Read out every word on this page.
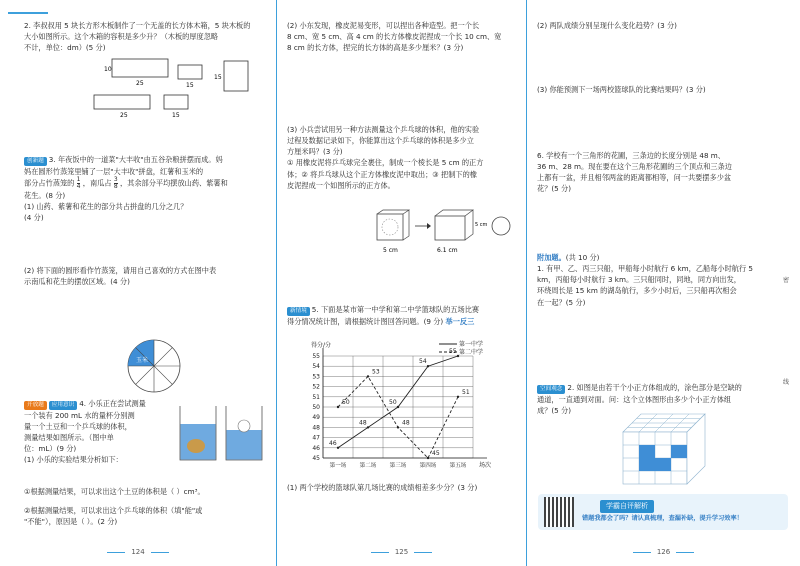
2. 李叔叔用 5 块长方形木板制作了一个无盖的长方体木箱，5 块木板的
大小如图所示。这个木箱的容积是多少升？（木板的厚度忽略
不计，单位：dm）(5 分)
10
25	15
15
25	15
创新题 3. 年夜饭中的一道菜"大丰收"由五谷杂粮拼摆而成。妈
妈在圆形竹蒸笼里铺了一层"大丰收"拼盘，红薯和玉米的
部分占竹蒸笼的 $\frac{1}{4}$ ，南瓜占 $\frac{3}{8}$ ，其余部分平均摆放山药、紫薯和
花生。(8 分)
(1) 山药、紫薯和花生的部分共占拼盘的几分之几？
(4 分)
(2) 将下面的圆形看作竹蒸笼，请用自己喜欢的方式在图中表
示南瓜和花生的摆放区域。(4 分)
玉米
开放题 应用意识 4. 小乐正在尝试测量
一个装有 200 mL 水的量杯分别测
量一个土豆和一个乒乓球的体积，
测量结果如图所示。（图中单
位：mL）(9 分)
(1) 小乐的实验结果分析如下：
①根据测量结果，可以求出这个土豆的体积是（ ）cm³。
②根据测量结果，可以求出这个乒乓球的体积（填"能"或
"不能"），原因是（ ）。(2 分)
124
(2) 小东发现，橡皮泥易变形，可以捏出各种造型。把一个长
8 cm、宽 5 cm、高 4 cm 的长方体橡皮泥捏成一个长 10 cm、宽
8 cm 的长方体，捏完的长方体的高是多少厘米？(3 分)
(3) 小兵尝试用另一种方法测量这个乒乓球的体积，他的实验
过程及数据记录如下，你能算出这个乒乓球的体积是多少立
方厘米吗？(3 分)
① 用橡皮泥将乒乓球完全裹住，制成一个棱长是 5 cm 的正方
体；② 将乒乓球从这个正方体橡皮泥中取出；③ 把制下的橡
皮泥捏成一个如图所示的正方体。
5 cm	6.1 cm
5 cm
新情境 5. 下面是某市第一中学和第二中学篮球队的五场比赛
得分情况统计图，请根据统计图回答问题。(9 分) 举一反三
45
46
47
48
49
50
51
52
53
54
55
得分/分
场次
第一场 第二场 第三场 第四场 第五场
46
48
50
54
55
第一中学
50
53
48
45
51
第二中学
(1) 两个学校的篮球队第几场比赛的成绩相差多少分？(3 分)
125
(2) 两队成绩分别呈现什么变化趋势？(3 分)
(3) 你能预测下一场两校篮球队的比赛结果吗？(3 分)
6. 学校有一个三角形的花圃，三条边的长度分别是 48 m、
36 m、28 m。现在要在这个三角形花圃的三个顶点和三条边
上都有一盆，并且相邻两盆的距离都相等，问一共要摆多少盆
花？(5 分)
附加题。(共 10 分)
1. 有甲、乙、丙三只船，甲船每小时航行 6 km，乙船每小时航行 5
km，丙船每小时航行 3 km。三只船同时，同地，同方向出发，
环绕周长是 15 km 的湖岛航行，多少小时后，三只船再次相会
在一起？(5 分)
空间观念 2. 如图是由若干个小正方体组成的，涂色部分是空缺的
通道，一直通到对面。问：这个立体图形由多少个小正方体组
成？(5 分)
126
学霸自评解析
错题我都会了吗？请认真梳理，查漏补缺，提升学习效率！
密
线
